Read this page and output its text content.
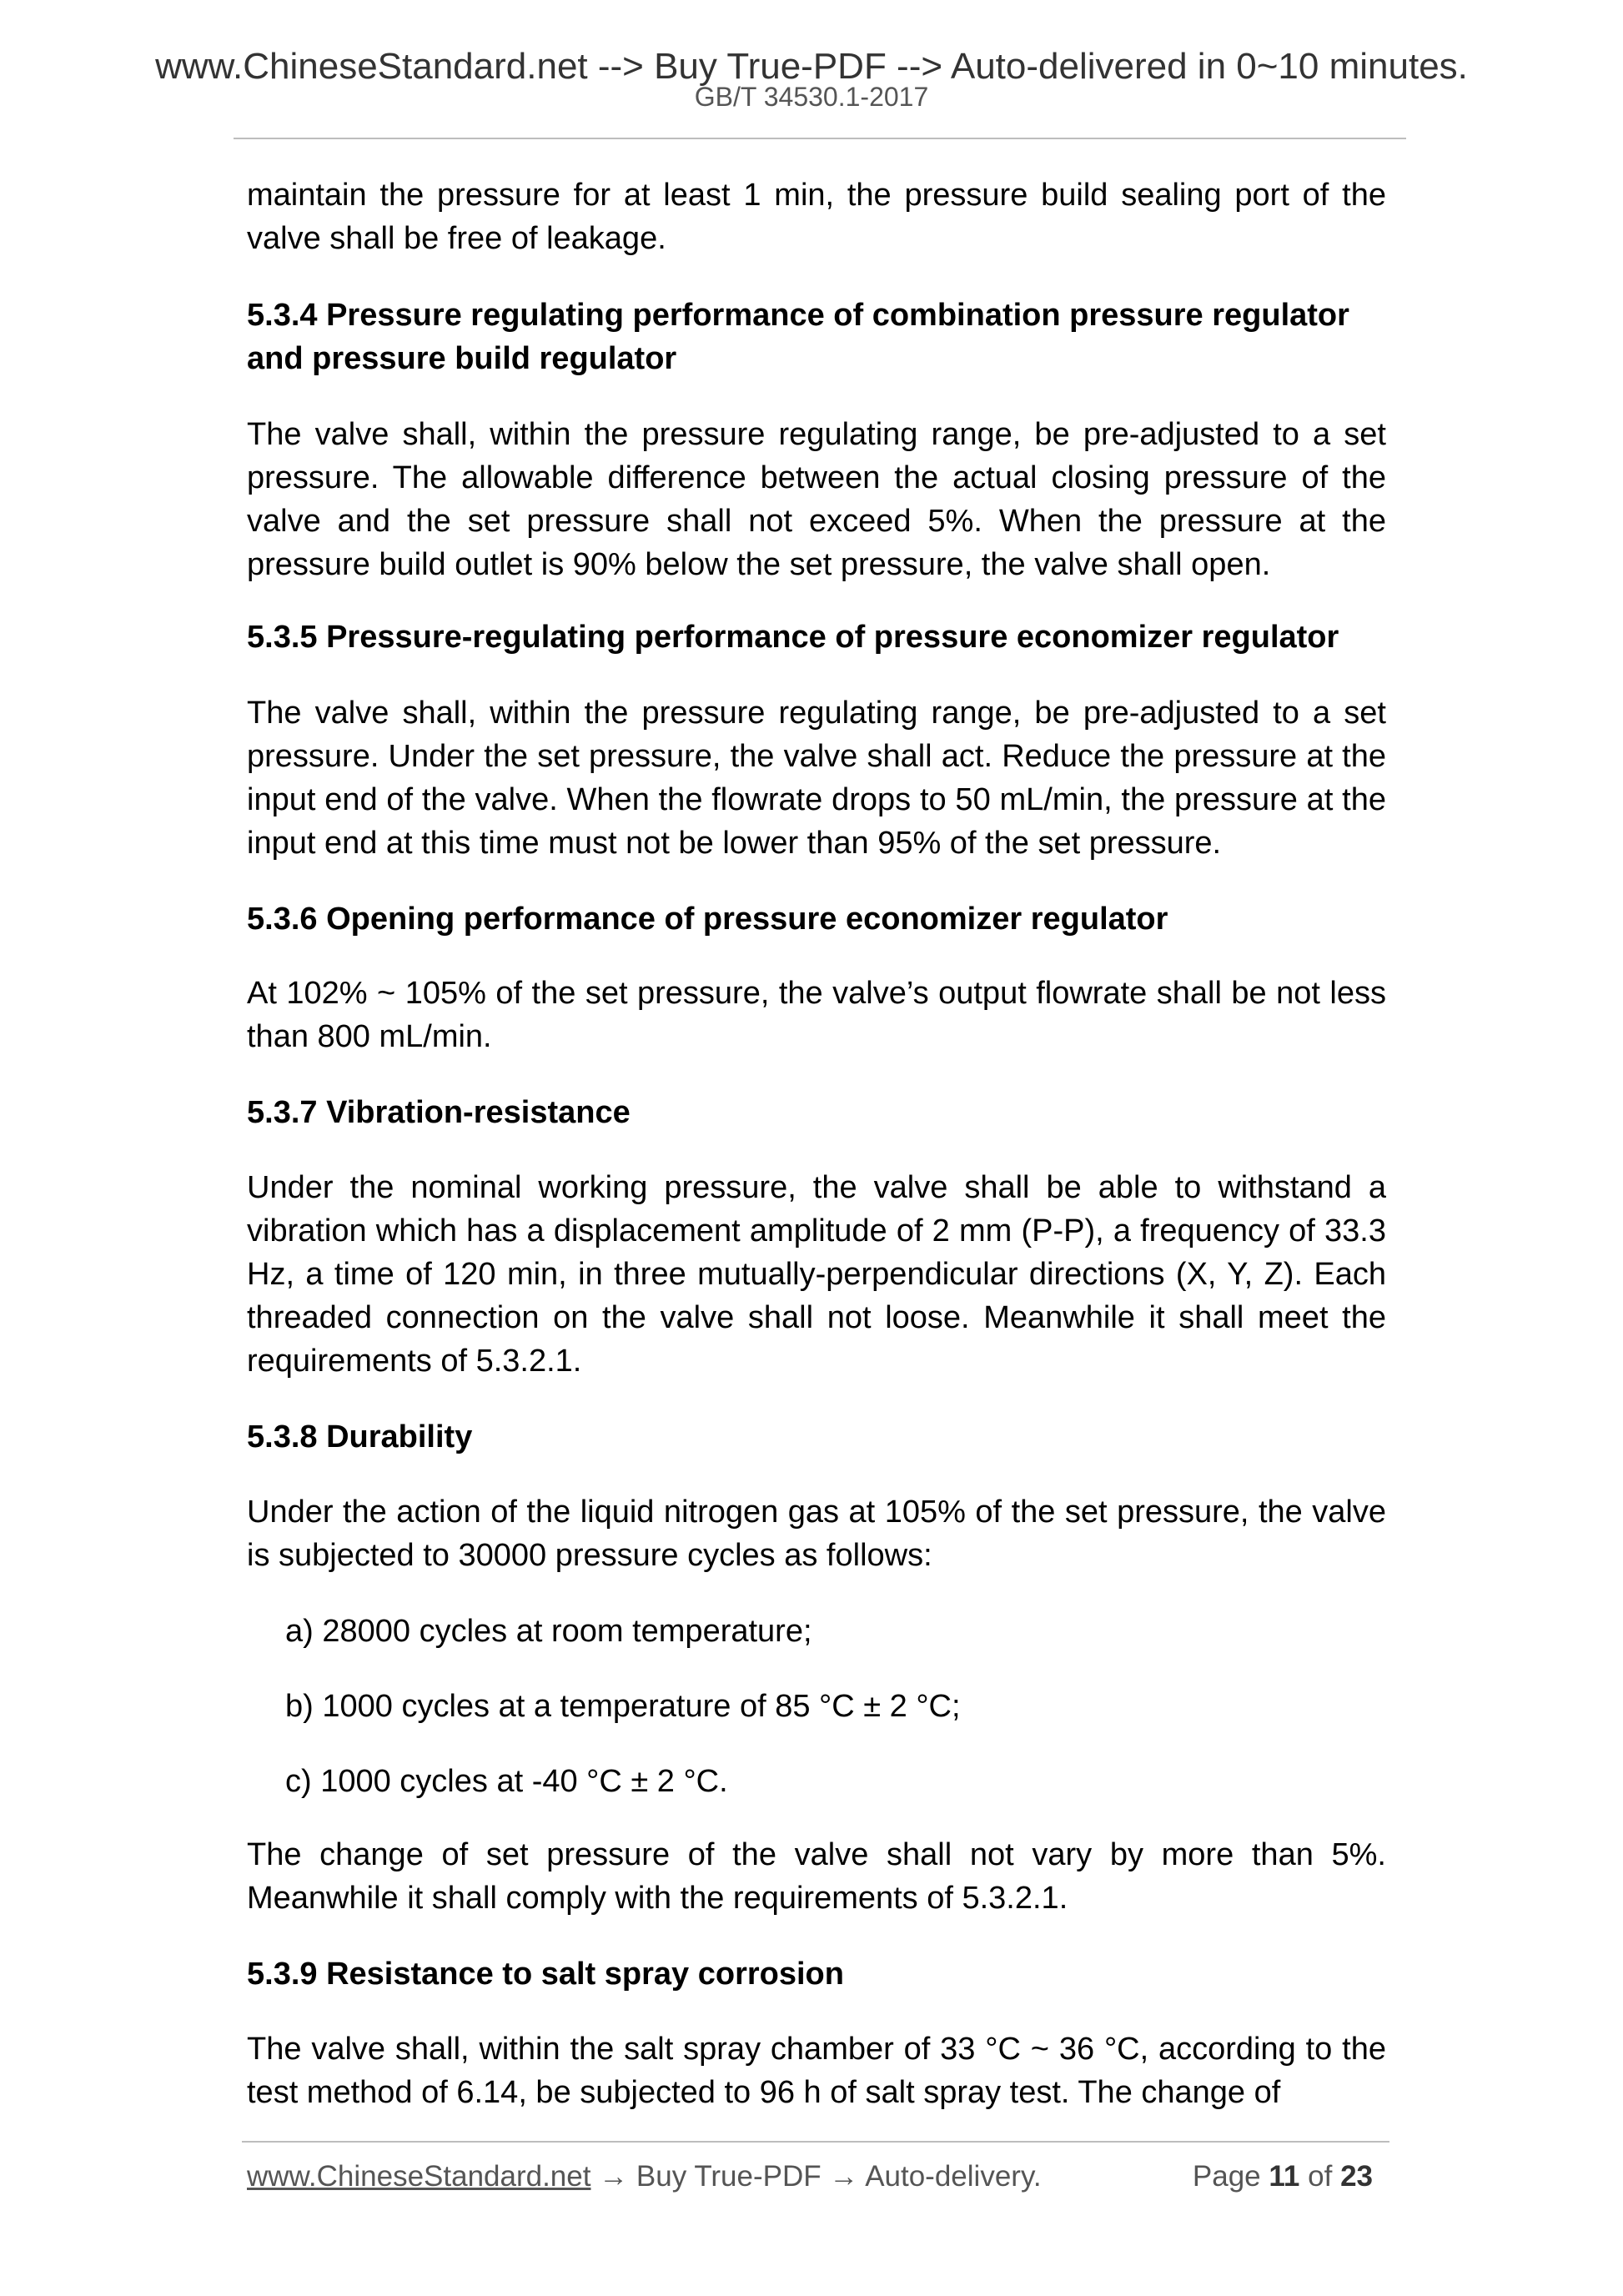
www.ChineseStandard.net --> Buy True-PDF --> Auto-delivered in 0~10 minutes.
GB/T 34530.1-2017

maintain the pressure for at least 1 min, the pressure build sealing port of the valve shall be free of leakage.

5.3.4 Pressure regulating performance of combination pressure regulator and pressure build regulator

The valve shall, within the pressure regulating range, be pre-adjusted to a set pressure. The allowable difference between the actual closing pressure of the valve and the set pressure shall not exceed 5%. When the pressure at the pressure build outlet is 90% below the set pressure, the valve shall open.

5.3.5 Pressure-regulating performance of pressure economizer regulator

The valve shall, within the pressure regulating range, be pre-adjusted to a set pressure. Under the set pressure, the valve shall act. Reduce the pressure at the input end of the valve. When the flowrate drops to 50 mL/min, the pressure at the input end at this time must not be lower than 95% of the set pressure.

5.3.6 Opening performance of pressure economizer regulator

At 102% ~ 105% of the set pressure, the valve’s output flowrate shall be not less than 800 mL/min.

5.3.7 Vibration-resistance

Under the nominal working pressure, the valve shall be able to withstand a vibration which has a displacement amplitude of 2 mm (P-P), a frequency of 33.3 Hz, a time of 120 min, in three mutually-perpendicular directions (X, Y, Z). Each threaded connection on the valve shall not loose. Meanwhile it shall meet the requirements of 5.3.2.1.

5.3.8 Durability

Under the action of the liquid nitrogen gas at 105% of the set pressure, the valve is subjected to 30000 pressure cycles as follows:

a) 28000 cycles at room temperature;
b) 1000 cycles at a temperature of 85 °C ± 2 °C;
c) 1000 cycles at -40 °C ± 2 °C.

The change of set pressure of the valve shall not vary by more than 5%. Meanwhile it shall comply with the requirements of 5.3.2.1.

5.3.9 Resistance to salt spray corrosion

The valve shall, within the salt spray chamber of 33 °C ~ 36 °C, according to the test method of 6.14, be subjected to 96 h of salt spray test. The change of

www.ChineseStandard.net → Buy True-PDF → Auto-delivery.	Page 11 of 23
